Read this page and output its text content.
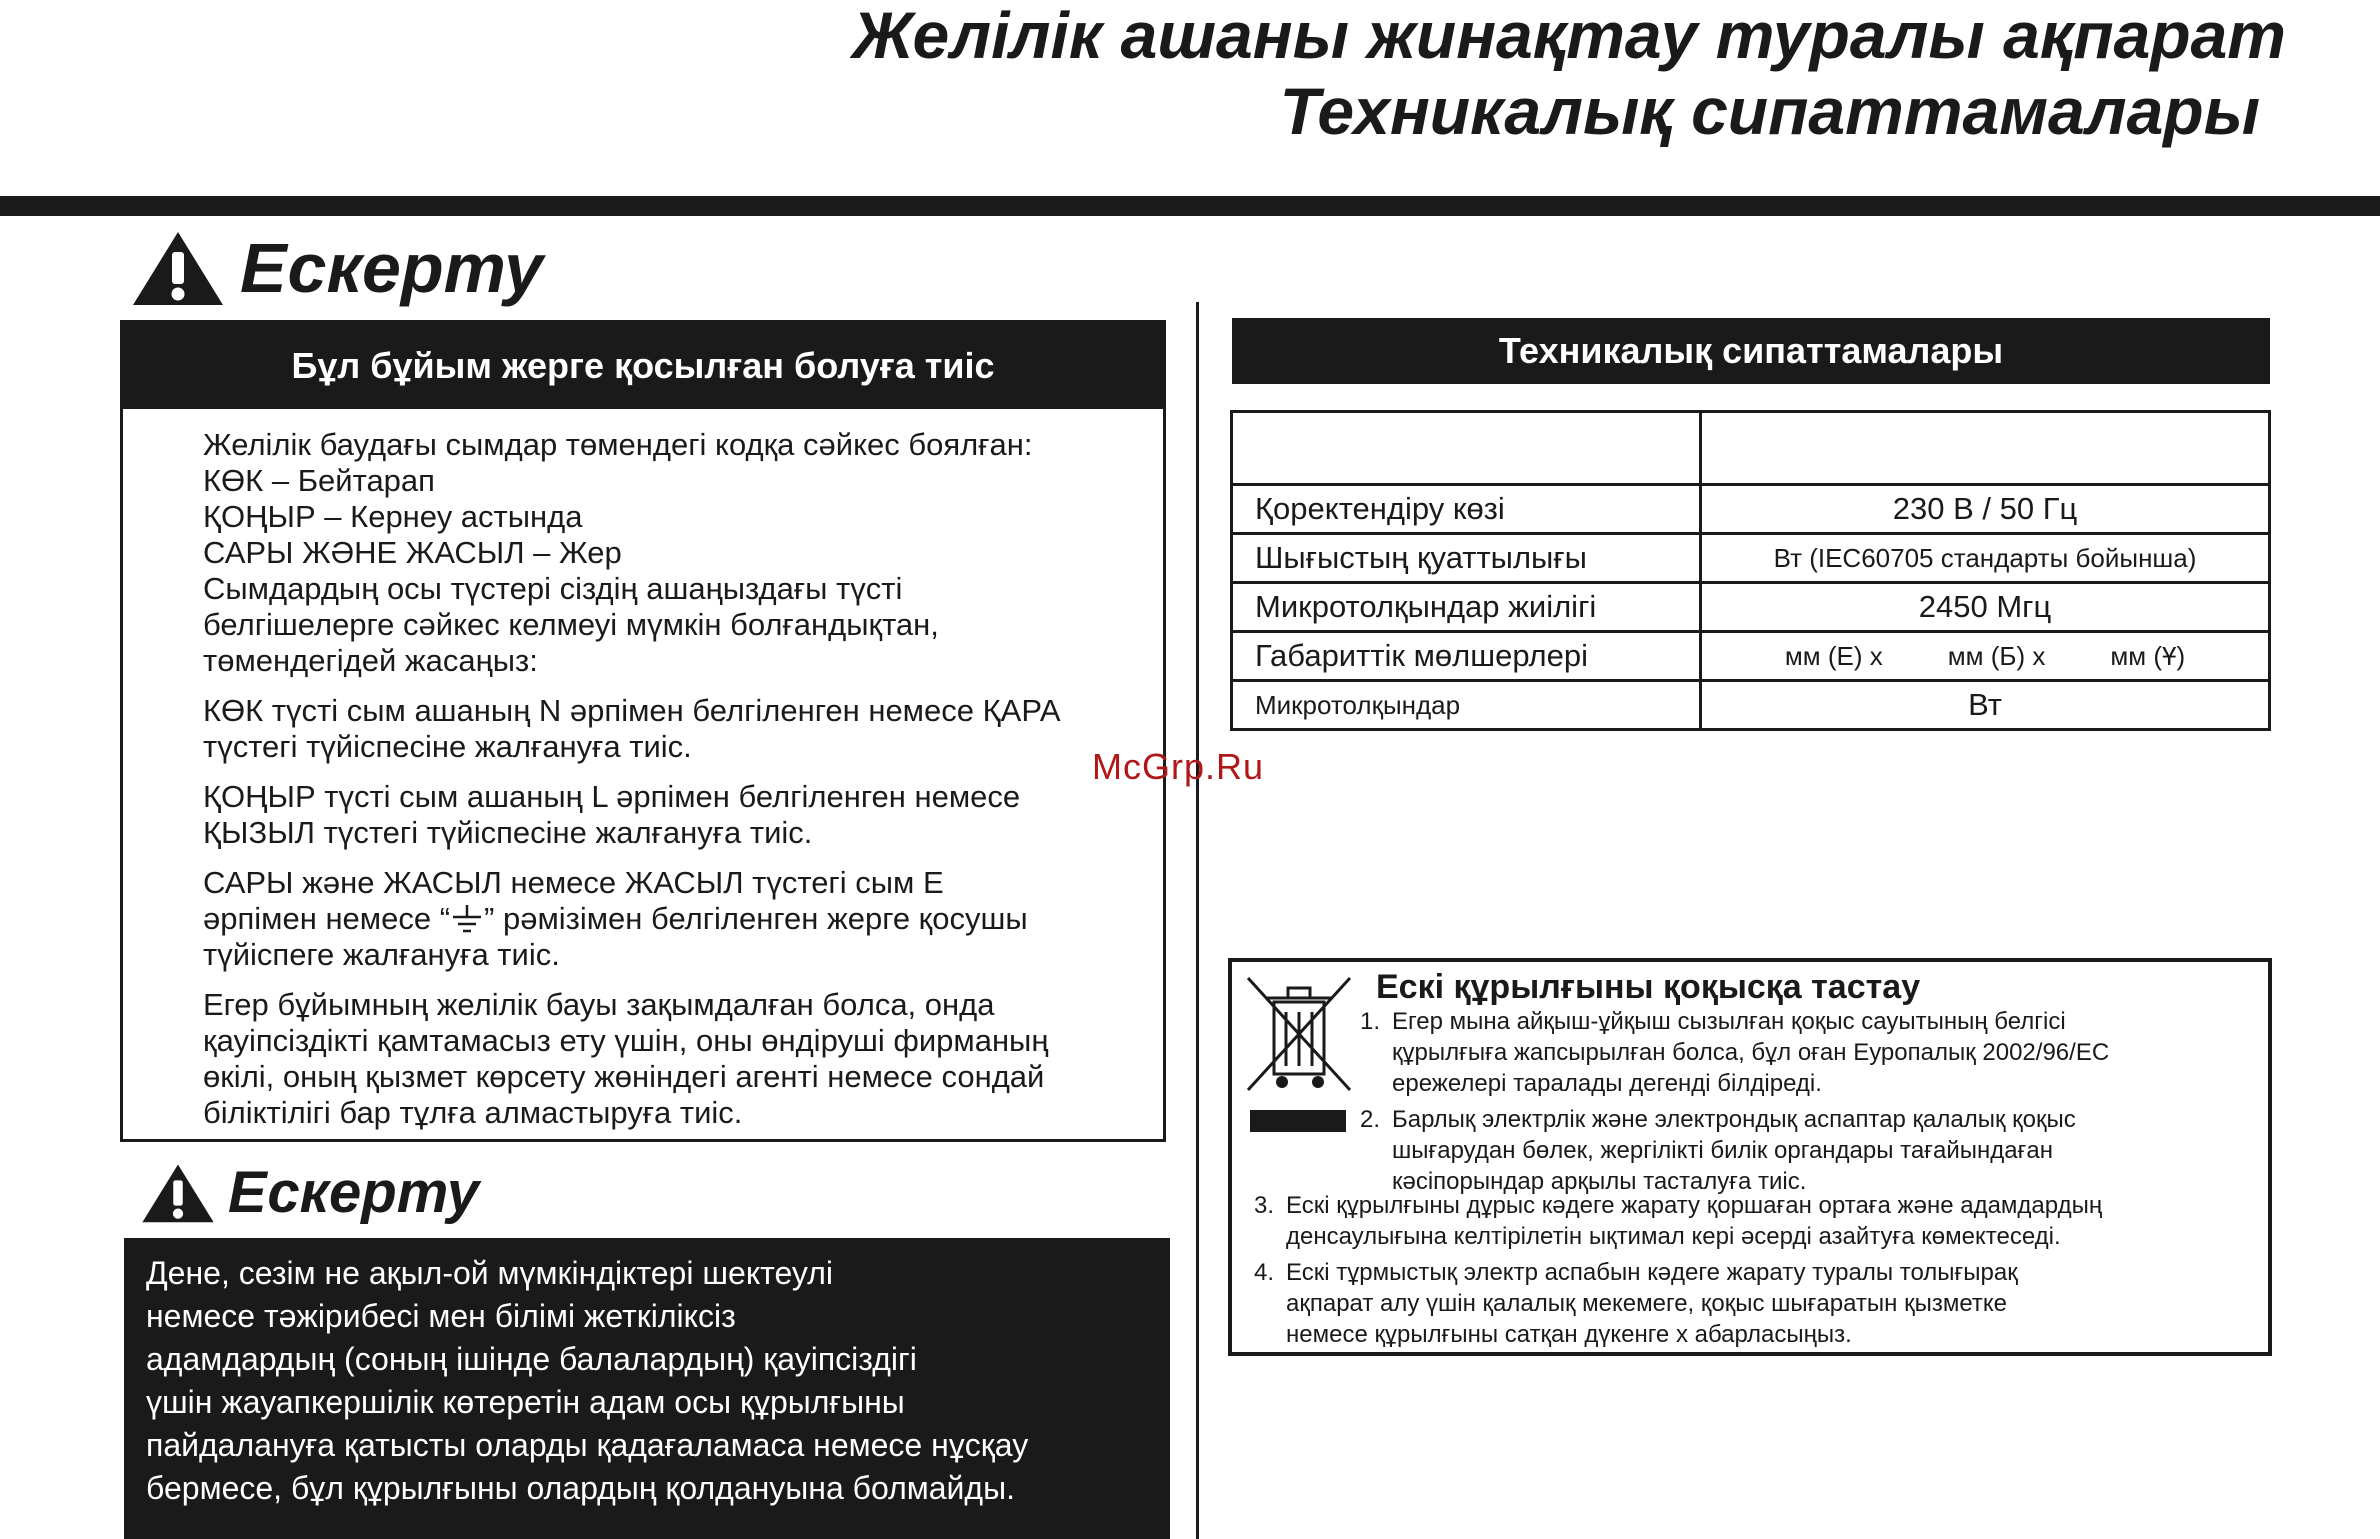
Желілік ашаны жинақтау туралы ақпарат
Техникалық сипаттамалары
Ескерту
Бұл бұйым жерге қосылған болуға тиіс
Желілік баудағы сымдар төмендегі кодқа сәйкес боялған:
КӨК – Бейтарап
ҚОҢЫР – Кернеу астында
САРЫ ЖӘНЕ ЖАСЫЛ – Жер
Сымдардың осы түстері сіздің ашаңыздағы түсті
белгішелерге сәйкес келмеуі мүмкін болғандықтан,
төмендегідей жасаңыз:
КӨК түсті сым ашаның N әрпімен белгіленген немесе ҚАРА
түстегі түйіспесіне жалғануға тиіс.
ҚОҢЫР түсті сым ашаның L әрпімен белгіленген немесе
ҚЫЗЫЛ түстегі түйіспесіне жалғануға тиіс.
САРЫ және ЖАСЫЛ немесе ЖАСЫЛ түстегі сым E
әрпімен немесе “ ” рәмізімен белгіленген жерге қосушы
түйіспеге жалғануға тиіс.
Егер бұйымның желілік бауы зақымдалған болса, онда
қауіпсіздікті қамтамасыз ету үшін, оны өндіруші фирманың
өкілі, оның қызмет көрсету жөніндегі агенті немесе сондай
біліктілігі бар тұлға алмастыруға тиіс.
Ескерту

Дене, сезім не ақыл-ой мүмкіндіктері шектеулі

немесе тәжірибесі мен білімі жеткіліксіз

адамдардың (соның ішінде балалардың) қауіпсіздігі

үшін жауапкершілік көтеретін адам осы құрылғыны

пайдалануға қатысты оларды қадағаламаса немесе нұсқау

бермесе, бұл құрылғыны олардың қолдануына болмайды.

Техникалық сипаттамалары

Қоректендіру көзі	230 В / 50 Гц
Шығыстың қуаттылығы	Вт (IEC60705 стандарты бойынша)
Микротолқындар жиілігі	2450 Мгц
Габариттік мөлшерлері	мм (Е) x         мм (Б) x         мм (Ұ)
Микротолқындар	Вт
McGrp.Ru
Ескі құрылғыны қоқысқа тастау
1. Егер мына айқыш-ұйқыш сызылған қоқыс сауытының белгісі
құрылғыға жапсырылған болса, бұл оған Еуропалық 2002/96/EC
ережелері таралады дегенді білдіреді.
2. Барлық электрлік және электрондық аспаптар қалалық қоқыс
шығарудан бөлек, жергілікті билік органдары тағайындаған
кәсіпорындар арқылы тасталуға тиіс.
3. Ескі құрылғыны дұрыс кәдеге жарату қоршаған ортаға және адамдардың
денсаулығына келтірілетін ықтимал кері әсерді азайтуға көмектеседі.
4. Ескі тұрмыстық электр аспабын кәдеге жарату туралы толығырақ
ақпарат алу үшін қалалық мекемеге, қоқыс шығаратын қызметке
немесе құрылғыны сатқан дүкенге х абарласыңыз.
